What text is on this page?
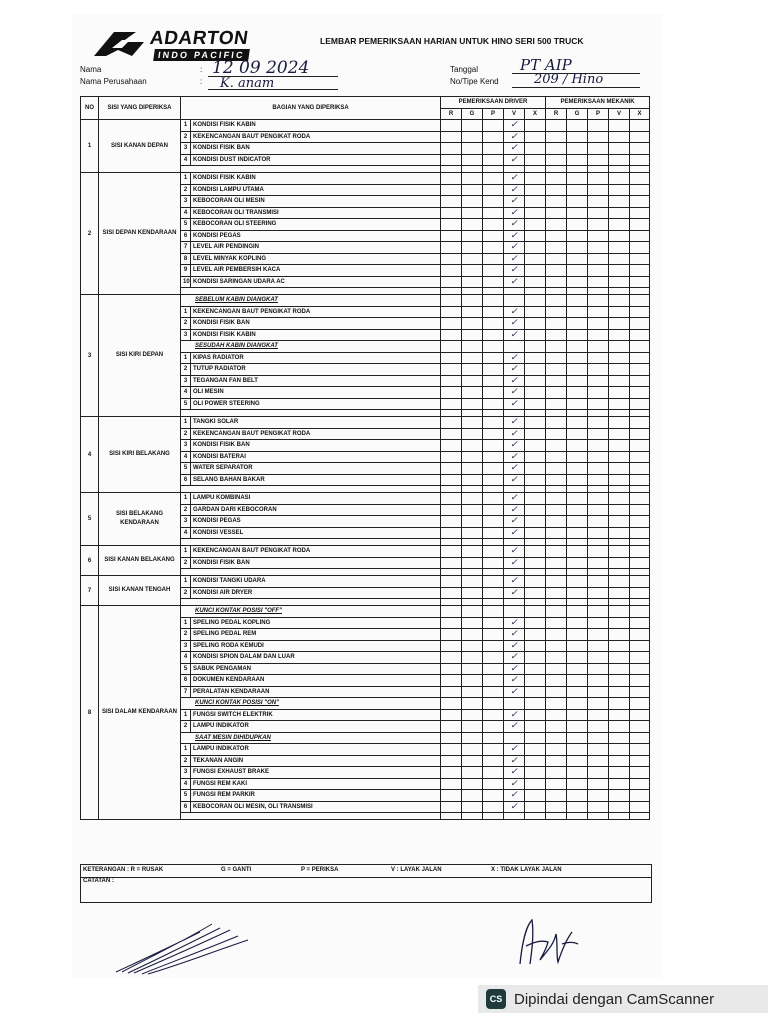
ADARTON
INDO PACIFIC
LEMBAR PEMERIKSAAN HARIAN UNTUK HINO SERI 500 TRUCK
Nama
Nama Perusahaan
:
:
12 09 2024
K. anam
Tanggal
No/Tipe Kend
PT AIP
209 / Hino
NO	SISI YANG DIPERIKSA	BAGIAN YANG DIPERIKSA		PEMERIKSAAN DRIVER					PEMERIKSAAN MEKANIK				
				R	G	P	V	X	R	G	P	V	X
1	SISI KANAN DEPAN	1	KONDISI FISIK KABIN				✓						
		2	KEKENCANGAN BAUT PENGIKAT RODA				✓						
		3	KONDISI FISIK BAN				✓						
		4	KONDISI DUST INDICATOR				✓						

2	SISI DEPAN KENDARAAN	1	KONDISI FISIK KABIN				✓						
		2	KONDISI LAMPU UTAMA				✓						
		3	KEBOCORAN OLI MESIN				✓						
		4	KEBOCORAN OLI TRANSMISI				✓						
		5	KEBOCORAN OLI STEERING				✓						
		6	KONDISI PEGAS				✓						
		7	LEVEL AIR PENDINGIN				✓						
		8	LEVEL MINYAK KOPLING				✓						
		9	LEVEL AIR PEMBERSIH KACA				✓						
		10	KONDISI SARINGAN UDARA AC				✓						

3	SISI KIRI DEPAN	SEBELUM KABIN DIANGKAT											
		1	KEKENCANGAN BAUT PENGIKAT RODA				✓						
		2	KONDISI FISIK BAN				✓						
		3	KONDISI FISIK KABIN				✓						
		SESUDAH KABIN DIANGKAT											
		1	KIPAS RADIATOR				✓						
		2	TUTUP RADIATOR				✓						
		3	TEGANGAN FAN BELT				✓						
		4	OLI MESIN				✓						
		5	OLI POWER STEERING				✓						

4	SISI KIRI BELAKANG	1	TANGKI SOLAR				✓						
		2	KEKENCANGAN BAUT PENGIKAT RODA				✓						
		3	KONDISI FISIK BAN				✓						
		4	KONDISI BATERAI				✓						
		5	WATER SEPARATOR				✓						
		6	SELANG BAHAN BAKAR				✓						

5	SISI BELAKANG KENDARAAN	1	LAMPU KOMBINASI				✓						
		2	GARDAN DARI KEBOCORAN				✓						
		3	KONDISI PEGAS				✓						
		4	KONDISI VESSEL				✓						

6	SISI KANAN BELAKANG	1	KEKENCANGAN BAUT PENGIKAT RODA				✓						
		2	KONDISI FISIK BAN				✓						

7	SISI KANAN TENGAH	1	KONDISI TANGKI UDARA				✓						
		2	KONDISI AIR DRYER				✓						

8	SISI DALAM KENDARAAN	KUNCI KONTAK POSISI "OFF"											
		1	SPELING PEDAL KOPLING				✓						
		2	SPELING PEDAL REM				✓						
		3	SPELING RODA KEMUDI				✓						
		4	KONDISI SPION DALAM DAN LUAR				✓						
		5	SABUK PENGAMAN				✓						
		6	DOKUMEN KENDARAAN				✓						
		7	PERALATAN KENDARAAN				✓						
		KUNCI KONTAK POSISI "ON"											
		1	FUNGSI SWITCH ELEKTRIK				✓						
		2	LAMPU INDIKATOR				✓						
		SAAT MESIN DIHIDUPKAN											
		1	LAMPU INDIKATOR				✓						
		2	TEKANAN ANGIN				✓						
		3	FUNGSI EXHAUST BRAKE				✓						
		4	FUNGSI REM KAKI				✓						
		5	FUNGSI REM PARKIR				✓						
		6	KEBOCORAN OLI MESIN, OLI TRANSMISI				✓						

KETERANGAN : R = RUSAK	G = GANTI	P = PERIKSA	V : LAYAK JALAN	X : TIDAK LAYAK JALAN
CATATAN :
CS Dipindai dengan CamScanner
